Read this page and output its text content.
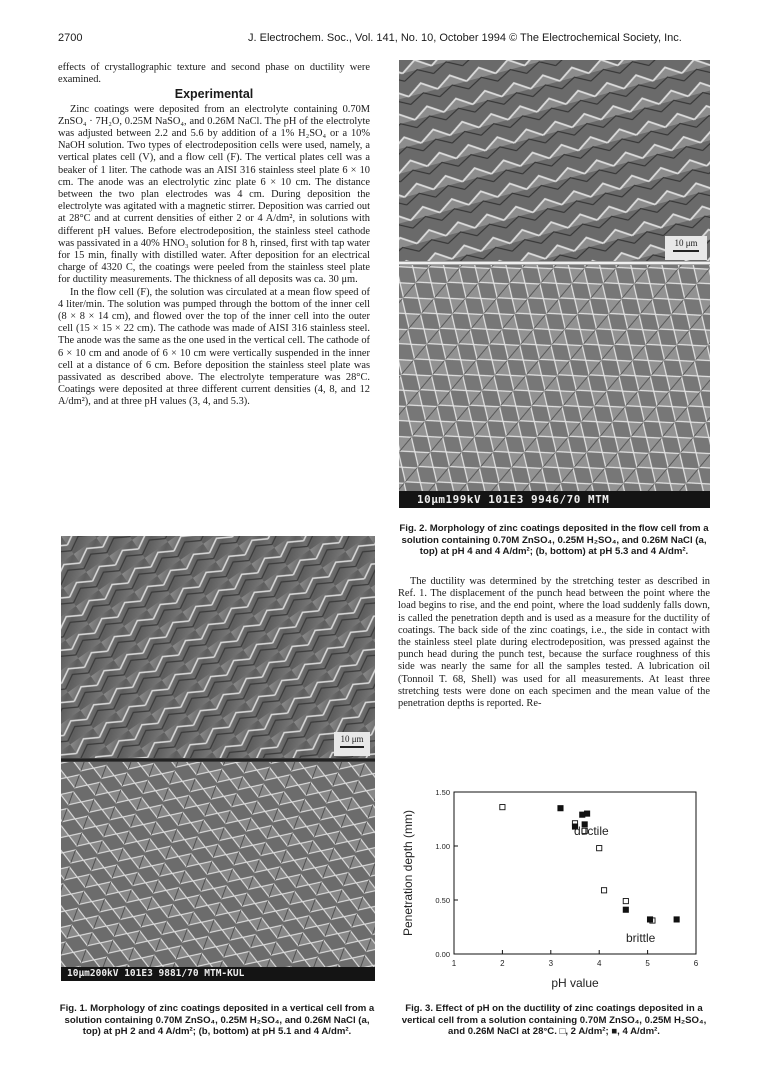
2700	J. Electrochem. Soc., Vol. 141, No. 10, October 1994 © The Electrochemical Society, Inc.

effects of crystallographic texture and second phase on ductility were examined.

Experimental

Zinc coatings were deposited from an electrolyte containing 0.70M ZnSO₄ · 7H₂O, 0.25M NaSO₄, and 0.26M NaCl. The pH of the electrolyte was adjusted between 2.2 and 5.6 by addition of a 1% H₂SO₄ or a 10% NaOH solution. Two types of electrodeposition cells were used, namely, a vertical plates cell (V), and a flow cell (F). The vertical plates cell was a beaker of 1 liter. The cathode was an AISI 316 stainless steel plate 6 × 10 cm. The anode was an electrolytic zinc plate 6 × 10 cm. The distance between the two plan electrodes was 4 cm. During deposition the electrolyte was agitated with a magnetic stirrer. Deposition was carried out at 28°C and at current densities of either 2 or 4 A/dm², in solutions with different pH values. Before electrodeposition, the stainless steel cathode was passivated in a 40% HNO₃ solution for 8 h, rinsed, first with tap water for 15 min, finally with distilled water. After deposition for an electrical charge of 4320 C, the coatings were peeled from the stainless steel plate for ductility measurements. The thickness of all deposits was ca. 30 μm.

In the flow cell (F), the solution was circulated at a mean flow speed of 4 liter/min. The solution was pumped through the bottom of the inner cell (8 × 8 × 14 cm), and flowed over the top of the inner cell into the outer cell (15 × 15 × 22 cm). The cathode was made of AISI 316 stainless steel. The anode was the same as the one used in the vertical cell. The cathode of 6 × 10 cm and anode of 6 × 10 cm were vertically suspended in the inner cell at a distance of 6 cm. Before deposition the stainless steel plate was passivated as described above. The electrolyte temperature was 28°C. Coatings were deposited at three different current densities (4, 8, and 12 A/dm²), and at three pH values (3, 4, and 5.3).

10 μm
10μm200kV 101E3 9881/70 MTM-KUL
Fig. 1. Morphology of zinc coatings deposited in a vertical cell from a solution containing 0.70M ZnSO₄, 0.25M H₂SO₄, and 0.26M NaCl (a, top) at pH 2 and 4 A/dm²; (b, bottom) at pH 5.1 and 4 A/dm².
10 μm
10μm199kV 101E3 9946/70 MTM
Fig. 2. Morphology of zinc coatings deposited in the flow cell from a solution containing 0.70M ZnSO₄, 0.25M H₂SO₄, and 0.26M NaCl (a, top) at pH 4 and 4 A/dm²; (b, bottom) at pH 5.3 and 4 A/dm².

The ductility was determined by the stretching tester as described in Ref. 1. The displacement of the punch head between the point where the load begins to rise, and the end point, where the load suddenly falls down, is called the penetration depth and is used as a measure for the ductility of coatings. The back side of the zinc coatings, i.e., the side in contact with the stainless steel plate during electrodeposition, was pressed against the punch head during the punch test, because the surface roughness of this side was nearly the same for all the samples tested. A lubrication oil (Tonnoil T. 68, Shell) was used for all measurements. At least three stretching tests were done on each specimen and the mean value of the penetration depths is reported. Re-

1	2	3	4	5	6
0.00
0.50
1.00
1.50
ductile
brittle
pH value
Penetration depth (mm)
Fig. 3. Effect of pH on the ductility of zinc coatings deposited in a vertical cell from a solution containing 0.70M ZnSO₄, 0.25M H₂SO₄, and 0.26M NaCl at 28°C. □, 2 A/dm²; ■, 4 A/dm².
